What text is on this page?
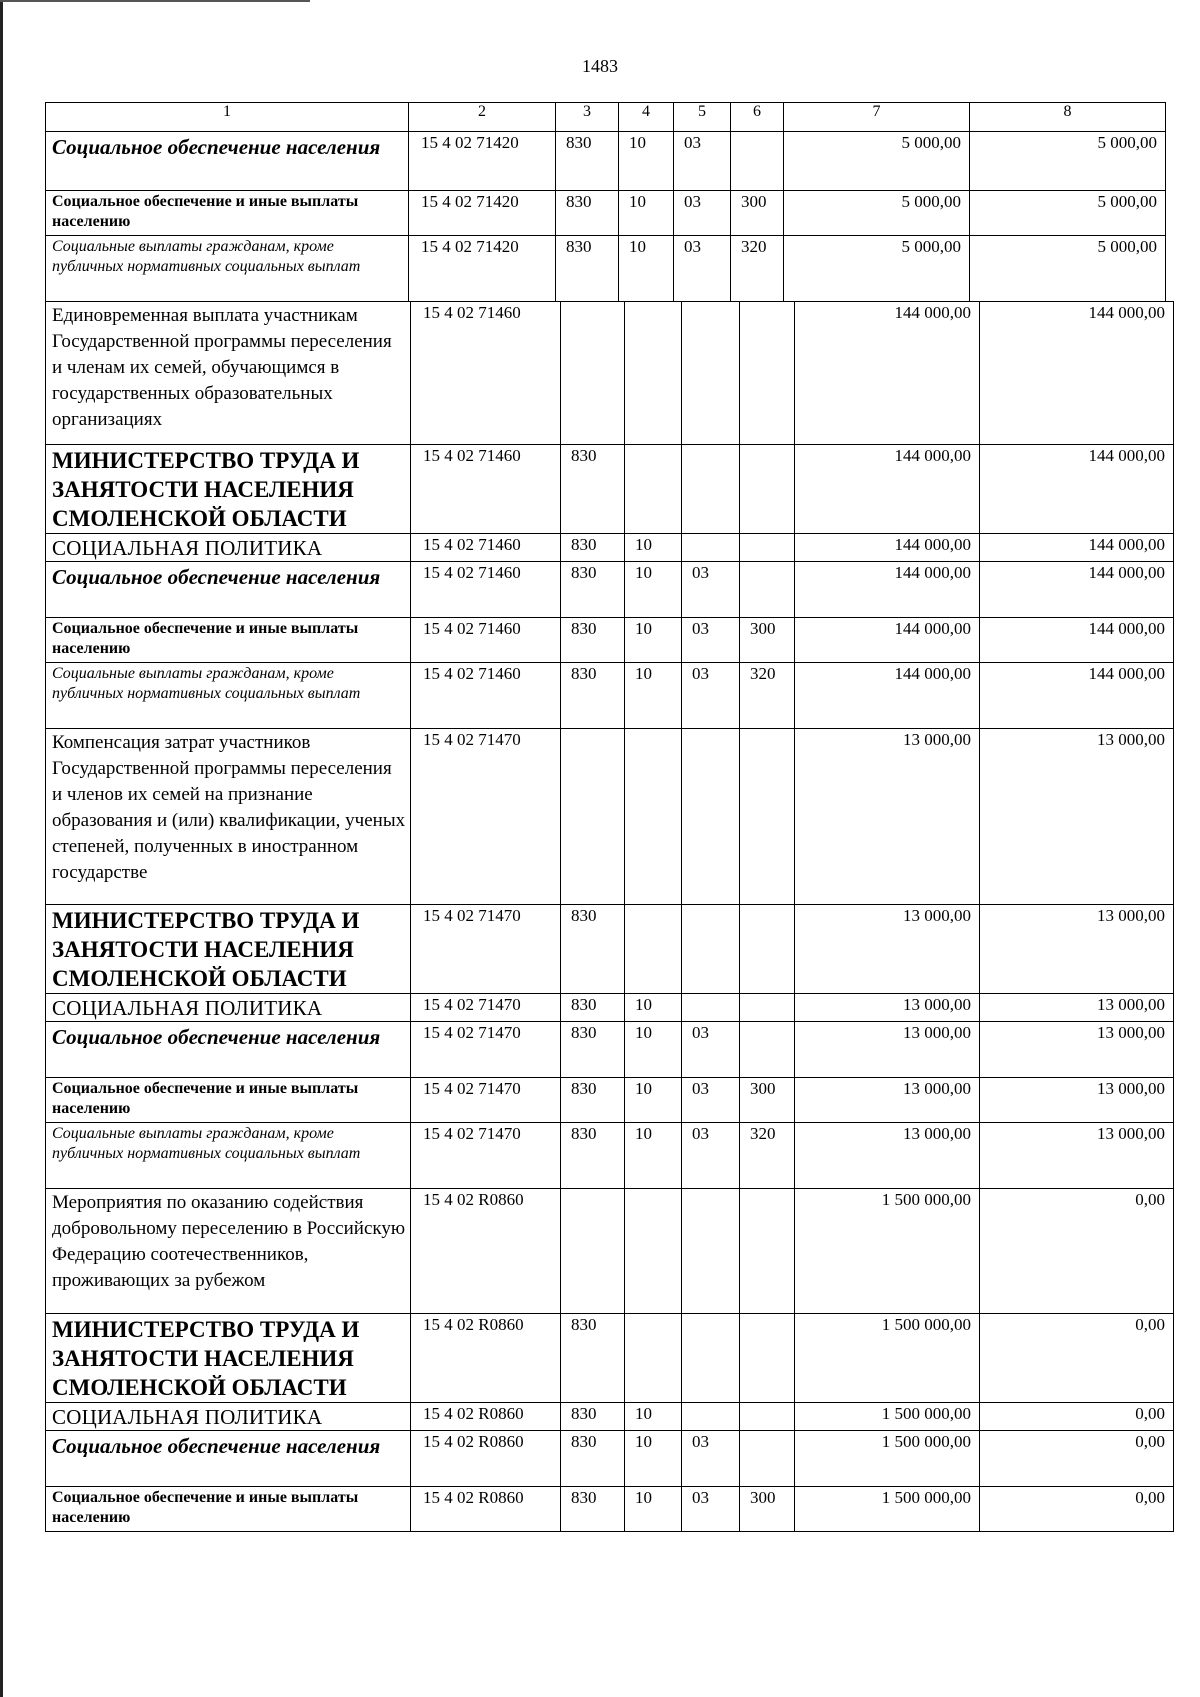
1483
1	2	3	4	5	6	7	8

Социальное обеспечение населения	15 4 02 71420	830	10	03		5 000,00	5 000,00

Социальное обеспечение и иные выплаты населению	15 4 02 71420	830	10	03	300	5 000,00	5 000,00

Социальные выплаты гражданам, кроме публичных нормативных социальных выплат	15 4 02 71420	830	10	03	320	5 000,00	5 000,00
Единовременная выплата участникам Государственной программы переселения и членам их семей, обучающимся в государственных образовательных организациях	15 4 02 71460					144 000,00	144 000,00

МИНИСТЕРСТВО ТРУДА И ЗАНЯТОСТИ НАСЕЛЕНИЯ СМОЛЕНСКОЙ ОБЛАСТИ	15 4 02 71460	830				144 000,00	144 000,00

СОЦИАЛЬНАЯ ПОЛИТИКА	15 4 02 71460	830	10			144 000,00	144 000,00

Социальное обеспечение населения	15 4 02 71460	830	10	03		144 000,00	144 000,00

Социальное обеспечение и иные выплаты населению	15 4 02 71460	830	10	03	300	144 000,00	144 000,00

Социальные выплаты гражданам, кроме публичных нормативных социальных выплат	15 4 02 71460	830	10	03	320	144 000,00	144 000,00

Компенсация затрат участников Государственной программы переселения и членов их семей на признание образования и (или) квалификации, ученых степеней, полученных в иностранном государстве	15 4 02 71470					13 000,00	13 000,00

МИНИСТЕРСТВО ТРУДА И ЗАНЯТОСТИ НАСЕЛЕНИЯ СМОЛЕНСКОЙ ОБЛАСТИ	15 4 02 71470	830				13 000,00	13 000,00

СОЦИАЛЬНАЯ ПОЛИТИКА	15 4 02 71470	830	10			13 000,00	13 000,00

Социальное обеспечение населения	15 4 02 71470	830	10	03		13 000,00	13 000,00

Социальное обеспечение и иные выплаты населению	15 4 02 71470	830	10	03	300	13 000,00	13 000,00

Социальные выплаты гражданам, кроме публичных нормативных социальных выплат	15 4 02 71470	830	10	03	320	13 000,00	13 000,00

Мероприятия по оказанию содействия добровольному переселению в Российскую Федерацию соотечественников, проживающих за рубежом	15 4 02 R0860					1 500 000,00	0,00

МИНИСТЕРСТВО ТРУДА И ЗАНЯТОСТИ НАСЕЛЕНИЯ СМОЛЕНСКОЙ ОБЛАСТИ	15 4 02 R0860	830				1 500 000,00	0,00

СОЦИАЛЬНАЯ ПОЛИТИКА	15 4 02 R0860	830	10			1 500 000,00	0,00

Социальное обеспечение населения	15 4 02 R0860	830	10	03		1 500 000,00	0,00

Социальное обеспечение и иные выплаты населению	15 4 02 R0860	830	10	03	300	1 500 000,00	0,00
